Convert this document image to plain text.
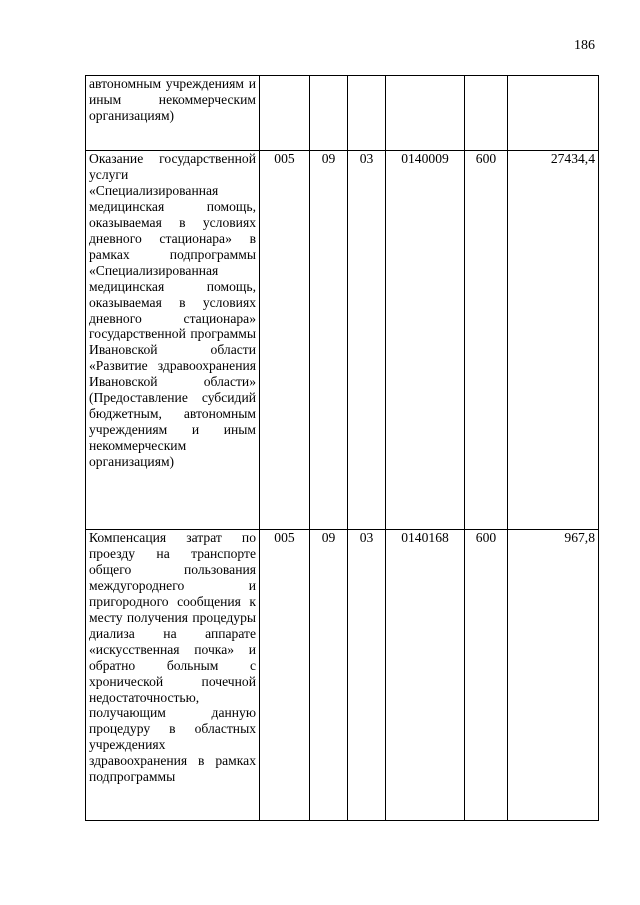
186
автономным учреждениям и иным некоммерческим организациям)						
Оказание государственной услуги «Специализированная медицинская помощь, оказываемая в условиях дневного стационара» в рамках подпрограммы «Специализированная медицинская помощь, оказываемая в условиях дневного стационара» государственной программы Ивановской области «Развитие здравоохранения Ивановской области» (Предоставление субсидий бюджетным, автономным учреждениям и иным некоммерческим организациям)	005	09	03	0140009	600	27434,4
Компенсация затрат по проезду на транспорте общего пользования междугороднего и пригородного сообщения к месту получения процедуры диализа на аппарате «искусственная почка» и обратно больным с хронической почечной недостаточностью, получающим данную процедуру в областных учреждениях здравоохранения в рамках подпрограммы	005	09	03	0140168	600	967,8
